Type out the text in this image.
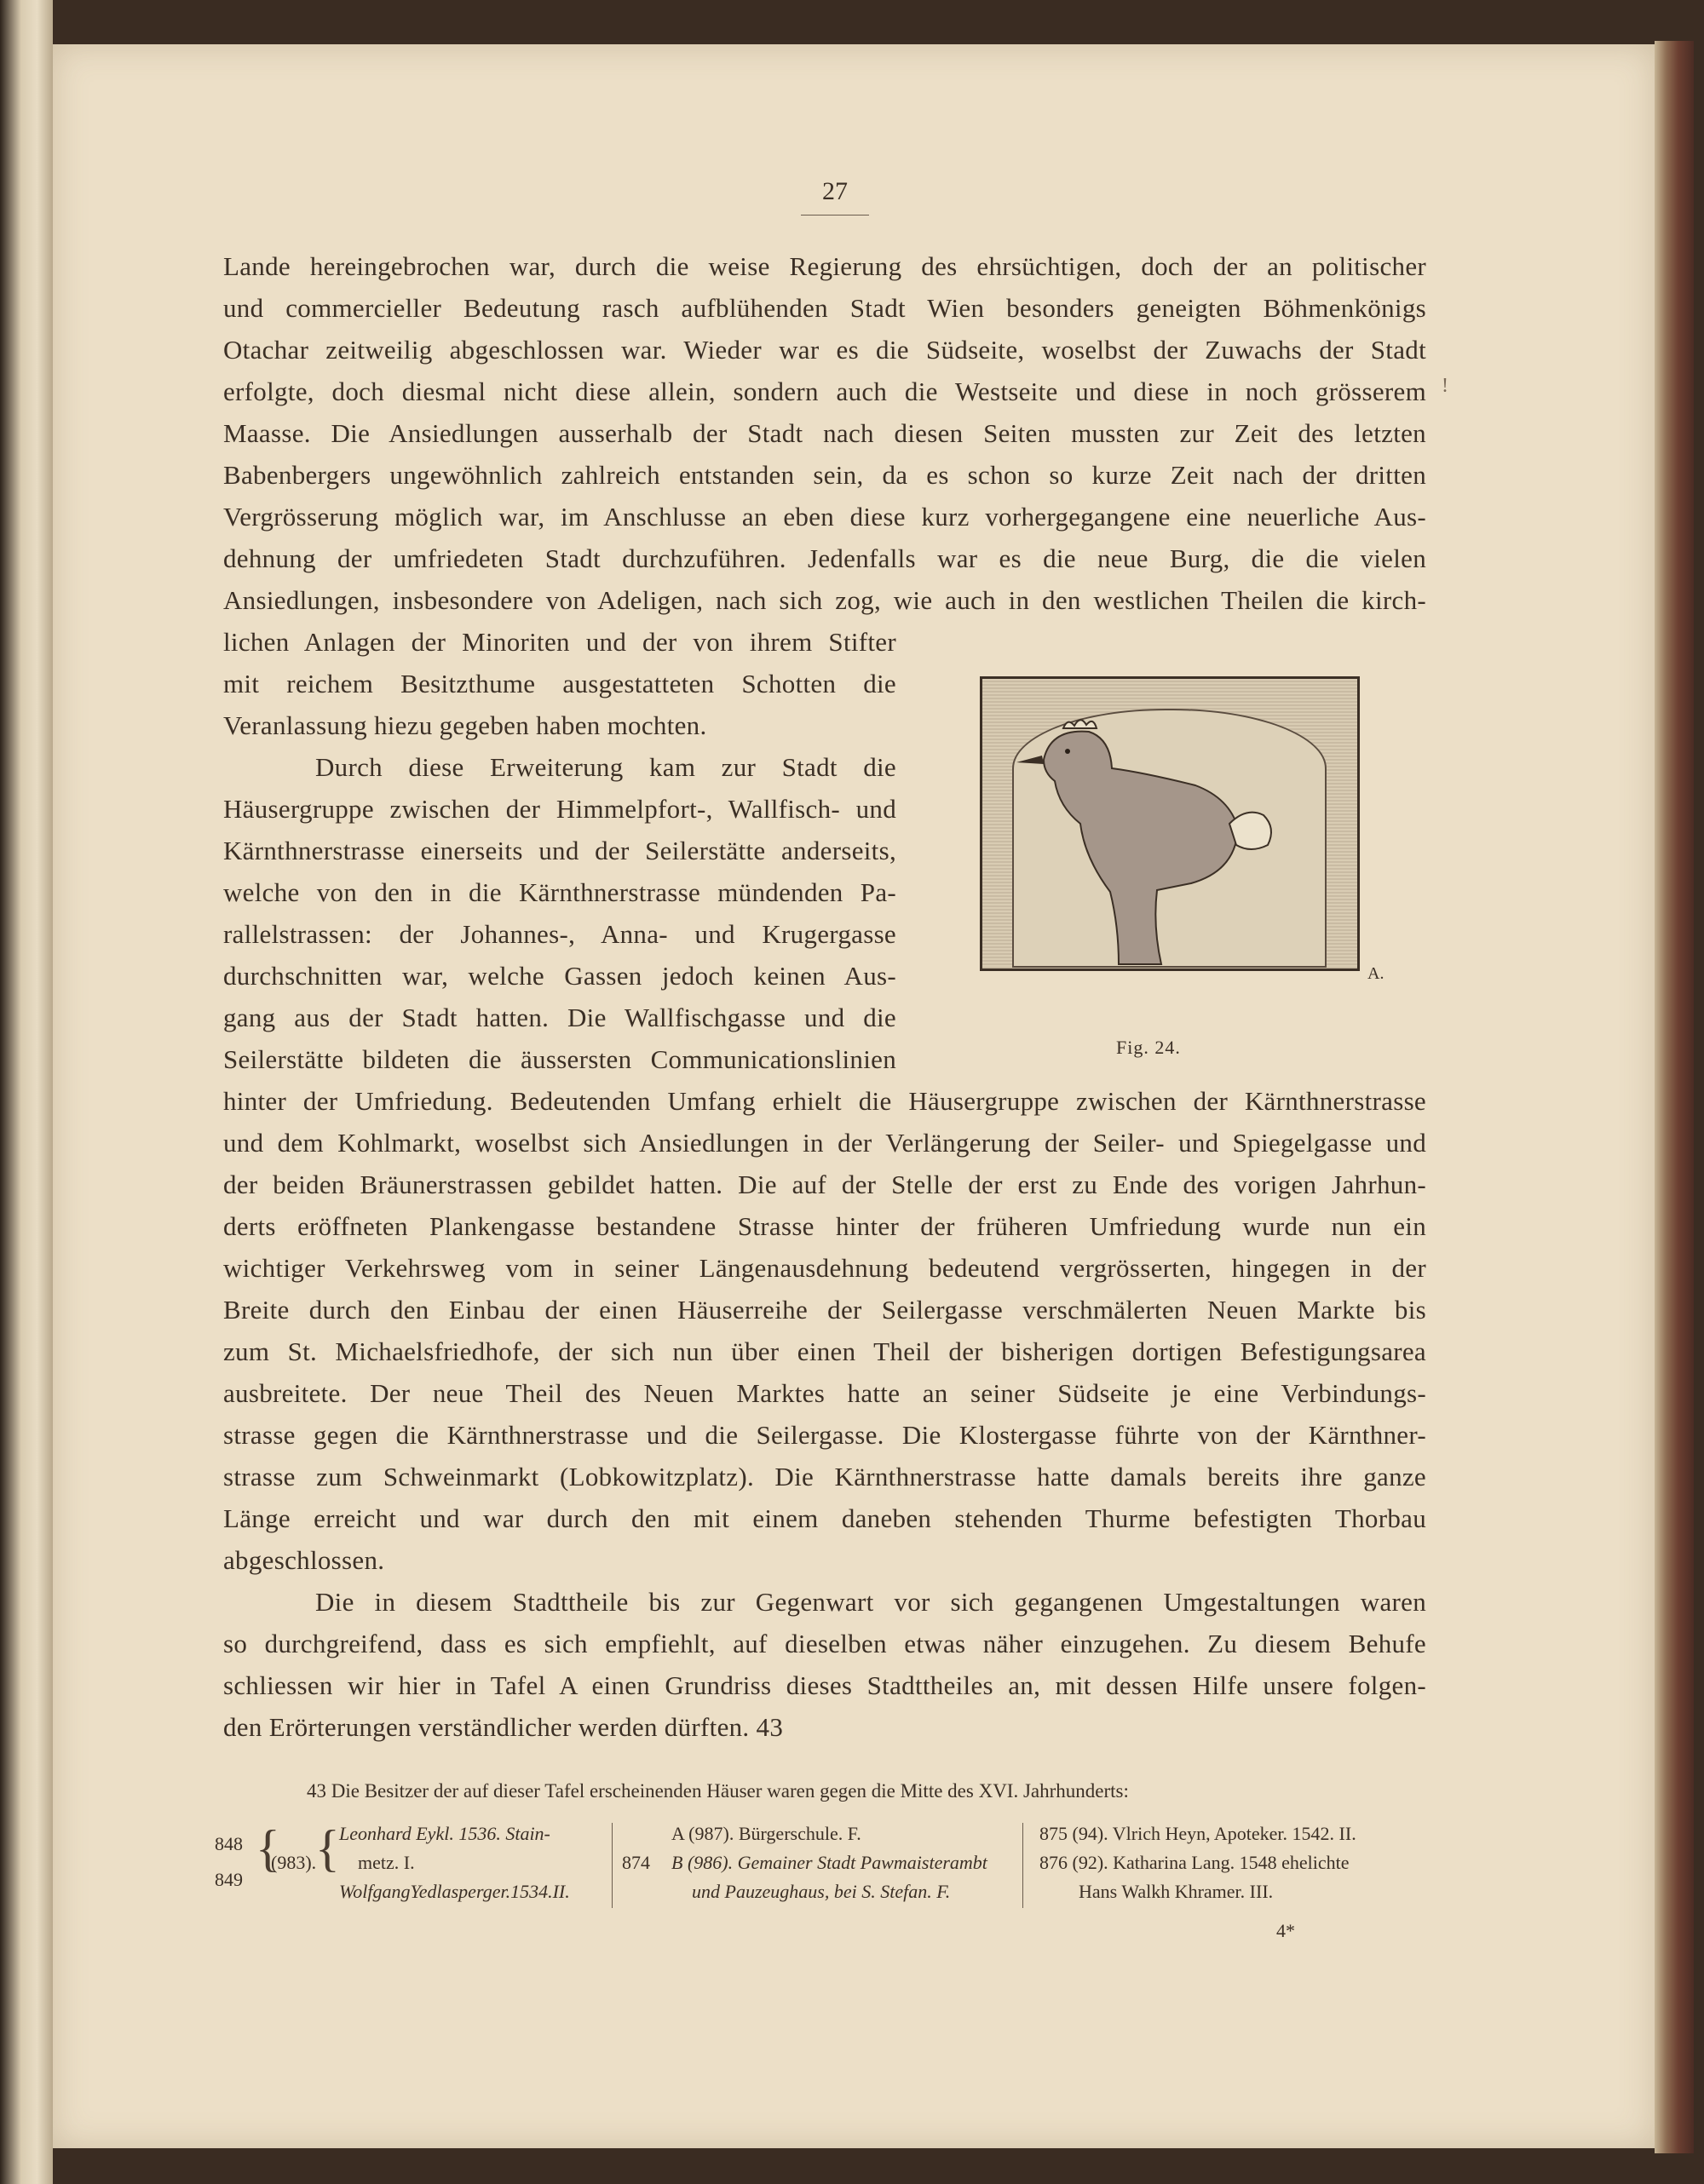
27
Lande hereingebrochen war, durch die weise Regierung des ehrsüchtigen, doch der an politischer
und commercieller Bedeutung rasch aufblühenden Stadt Wien besonders geneigten Böhmenkönigs
Otachar zeitweilig abgeschlossen war. Wieder war es die Südseite, woselbst der Zuwachs der Stadt
erfolgte, doch diesmal nicht diese allein, sondern auch die Westseite und diese in noch grösserem
Maasse. Die Ansiedlungen ausserhalb der Stadt nach diesen Seiten mussten zur Zeit des letzten
Babenbergers ungewöhnlich zahlreich entstanden sein, da es schon so kurze Zeit nach der dritten
Vergrösserung möglich war, im Anschlusse an eben diese kurz vorhergegangene eine neuerliche Aus-
dehnung der umfriedeten Stadt durchzuführen. Jedenfalls war es die neue Burg, die die vielen
Ansiedlungen, insbesondere von Adeligen, nach sich zog, wie auch in den westlichen Theilen die kirch-
lichen Anlagen der Minoriten und der von ihrem Stifter
mit reichem Besitzthume ausgestatteten Schotten die
Veranlassung hiezu gegeben haben mochten.
Durch diese Erweiterung kam zur Stadt die
Häusergruppe zwischen der Himmelpfort-, Wallfisch- und
Kärnthnerstrasse einerseits und der Seilerstätte anderseits,
welche von den in die Kärnthnerstrasse mündenden Pa-
rallelstrassen: der Johannes-, Anna- und Krugergasse
durchschnitten war, welche Gassen jedoch keinen Aus-
gang aus der Stadt hatten. Die Wallfischgasse und die
Seilerstätte bildeten die äussersten Communicationslinien
hinter der Umfriedung. Bedeutenden Umfang erhielt die Häusergruppe zwischen der Kärnthnerstrasse
und dem Kohlmarkt, woselbst sich Ansiedlungen in der Verlängerung der Seiler- und Spiegelgasse und
der beiden Bräunerstrassen gebildet hatten. Die auf der Stelle der erst zu Ende des vorigen Jahrhun-
derts eröffneten Plankengasse bestandene Strasse hinter der früheren Umfriedung wurde nun ein
wichtiger Verkehrsweg vom in seiner Längenausdehnung bedeutend vergrösserten, hingegen in der
Breite durch den Einbau der einen Häuserreihe der Seilergasse verschmälerten Neuen Markte bis
zum St. Michaelsfriedhofe, der sich nun über einen Theil der bisherigen dortigen Befestigungsarea
ausbreitete. Der neue Theil des Neuen Marktes hatte an seiner Südseite je eine Verbindungs-
strasse gegen die Kärnthnerstrasse und die Seilergasse. Die Klostergasse führte von der Kärnthner-
strasse zum Schweinmarkt (Lobkowitzplatz). Die Kärnthnerstrasse hatte damals bereits ihre ganze
Länge erreicht und war durch den mit einem daneben stehenden Thurme befestigten Thorbau
abgeschlossen.
Die in diesem Stadttheile bis zur Gegenwart vor sich gegangenen Umgestaltungen waren
so durchgreifend, dass es sich empfiehlt, auf dieselben etwas näher einzugehen. Zu diesem Behufe
schliessen wir hier in Tafel A einen Grundriss dieses Stadttheiles an, mit dessen Hilfe unsere folgen-
den Erörterungen verständlicher werden dürften. 43
A.
Fig. 24.
43 Die Besitzer der auf dieser Tafel erscheinenden Häuser waren gegen die Mitte des XVI. Jahrhunderts:
848
849
{
(983).
{ Leonhard Eykl. 1536. Stain-
metz. I.
WolfgangYedlasperger.1534.II.
874
A (987). Bürgerschule. F.
B (986). Gemainer Stadt Pawmaisterambt
und Pauzeughaus, bei S. Stefan. F.
875 (94). Vlrich Heyn, Apoteker. 1542. II.
876 (92). Katharina Lang. 1548 ehelichte
Hans Walkh Khramer. III.
4*
!
